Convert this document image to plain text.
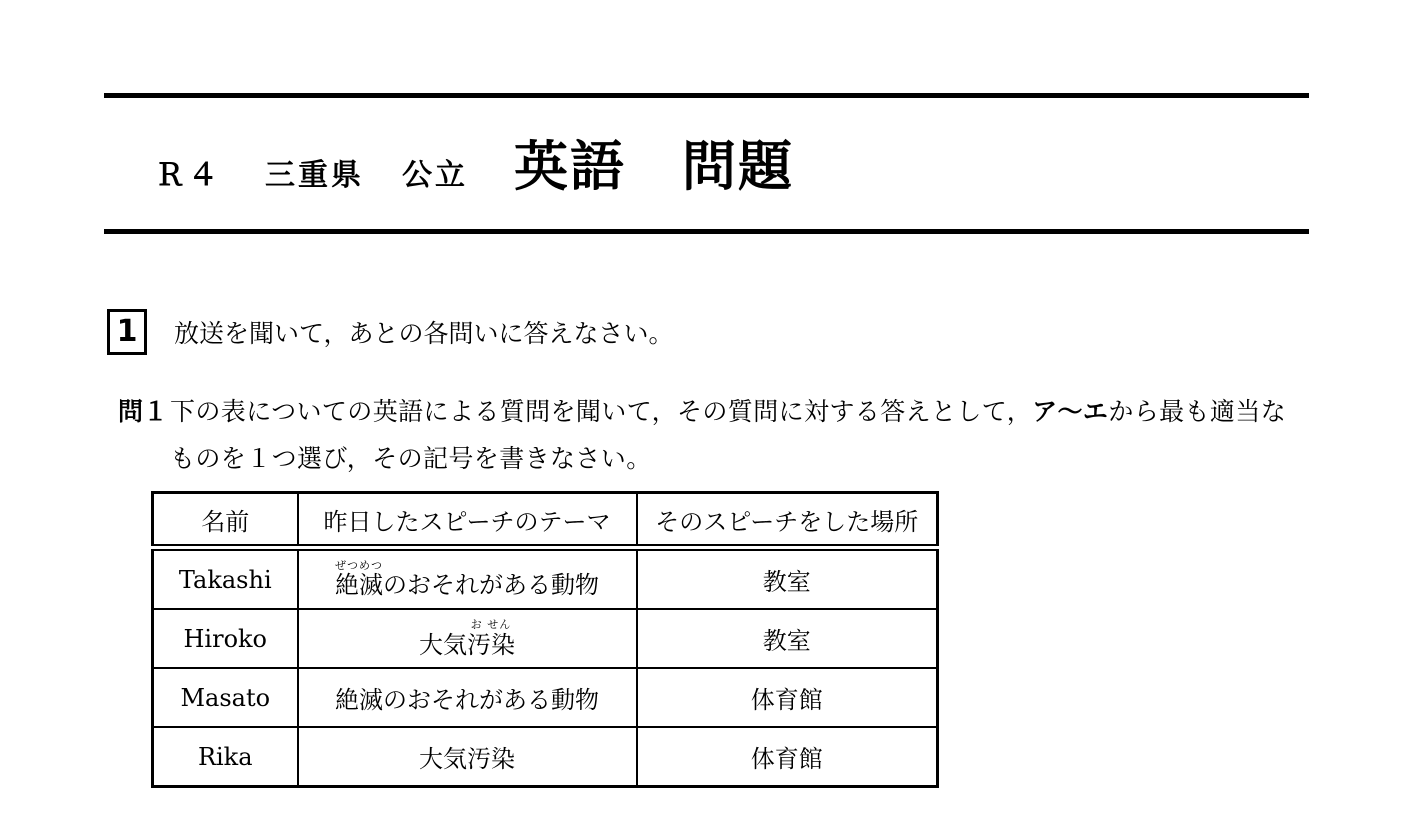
Ｒ４ 三重県 公立 英語　問題
1 放送を聞いて，あとの各問いに答えなさい。
問１ 下の表についての英語による質問を聞いて，その質問に対する答えとして，ア～エから最も適当な
ものを１つ選び，その記号を書きなさい。
名前	昨日したスピーチのテーマ	そのスピーチをした場所
Takashi	絶滅ぜつめつのおそれがある動物	教室
Hiroko	大気汚染お せん	教室
Masato	絶滅のおそれがある動物	体育館
Rika	大気汚染	体育館
